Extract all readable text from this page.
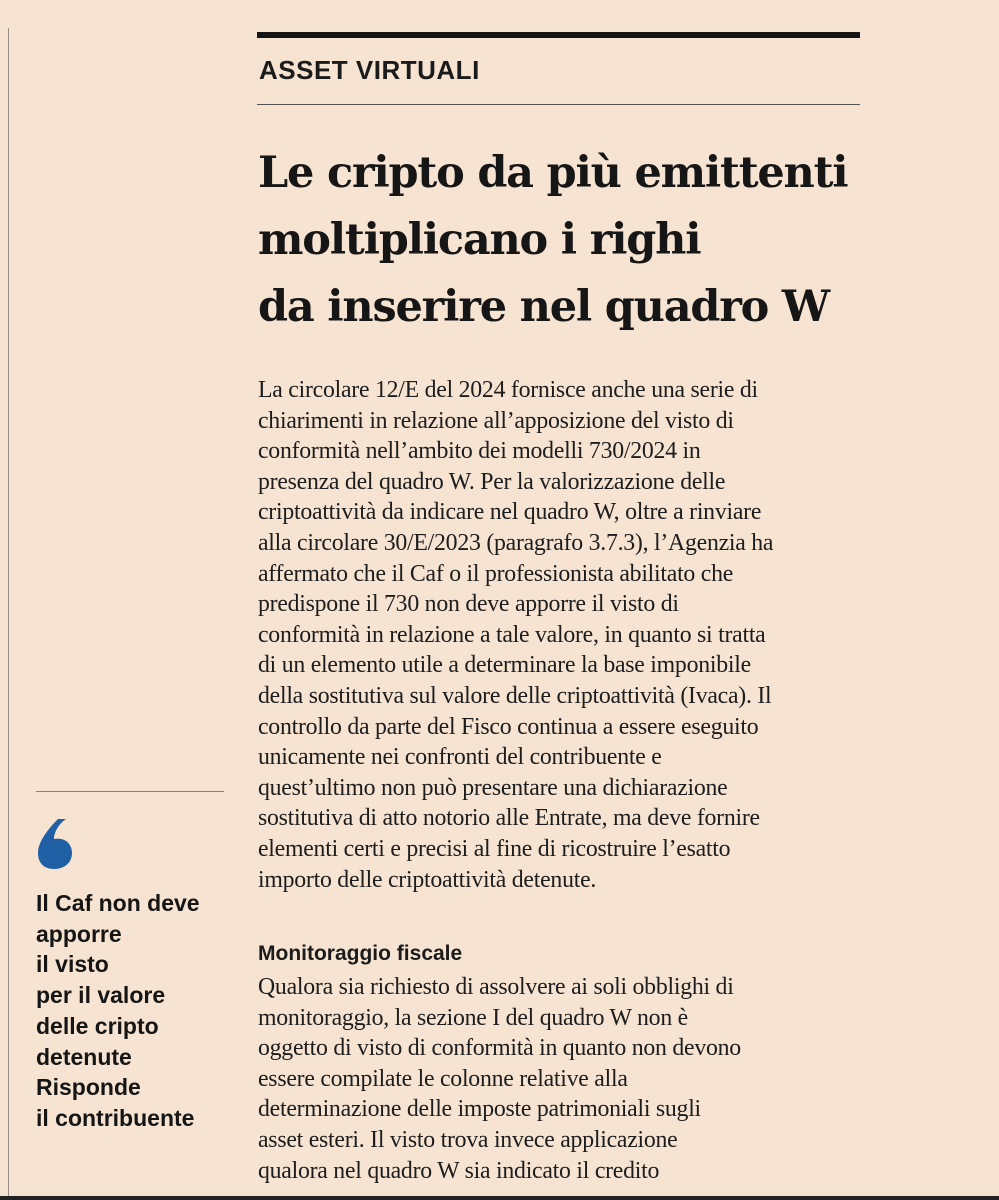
ASSET VIRTUALI
Le cripto da più emittenti
moltiplicano i righi
da inserire nel quadro W
La circolare 12/E del 2024 fornisce anche una serie di
chiarimenti in relazione all’apposizione del visto di
conformità nell’ambito dei modelli 730/2024 in
presenza del quadro W. Per la valorizzazione delle
criptoattività da indicare nel quadro W, oltre a rinviare
alla circolare 30/E/2023 (paragrafo 3.7.3), l’Agenzia ha
affermato che il Caf o il professionista abilitato che
predispone il 730 non deve apporre il visto di
conformità in relazione a tale valore, in quanto si tratta
di un elemento utile a determinare la base imponibile
della sostitutiva sul valore delle criptoattività (Ivaca). Il
controllo da parte del Fisco continua a essere eseguito
unicamente nei confronti del contribuente e
quest’ultimo non può presentare una dichiarazione
sostitutiva di atto notorio alle Entrate, ma deve fornire
elementi certi e precisi al fine di ricostruire l’esatto
importo delle criptoattività detenute.
Monitoraggio fiscale
Qualora sia richiesto di assolvere ai soli obblighi di
monitoraggio, la sezione I del quadro W non è
oggetto di visto di conformità in quanto non devono
essere compilate le colonne relative alla
determinazione delle imposte patrimoniali sugli
asset esteri. Il visto trova invece applicazione
qualora nel quadro W sia indicato il credito
Il Caf non deve
apporre
il visto
per il valore
delle cripto
detenute
Risponde
il contribuente
